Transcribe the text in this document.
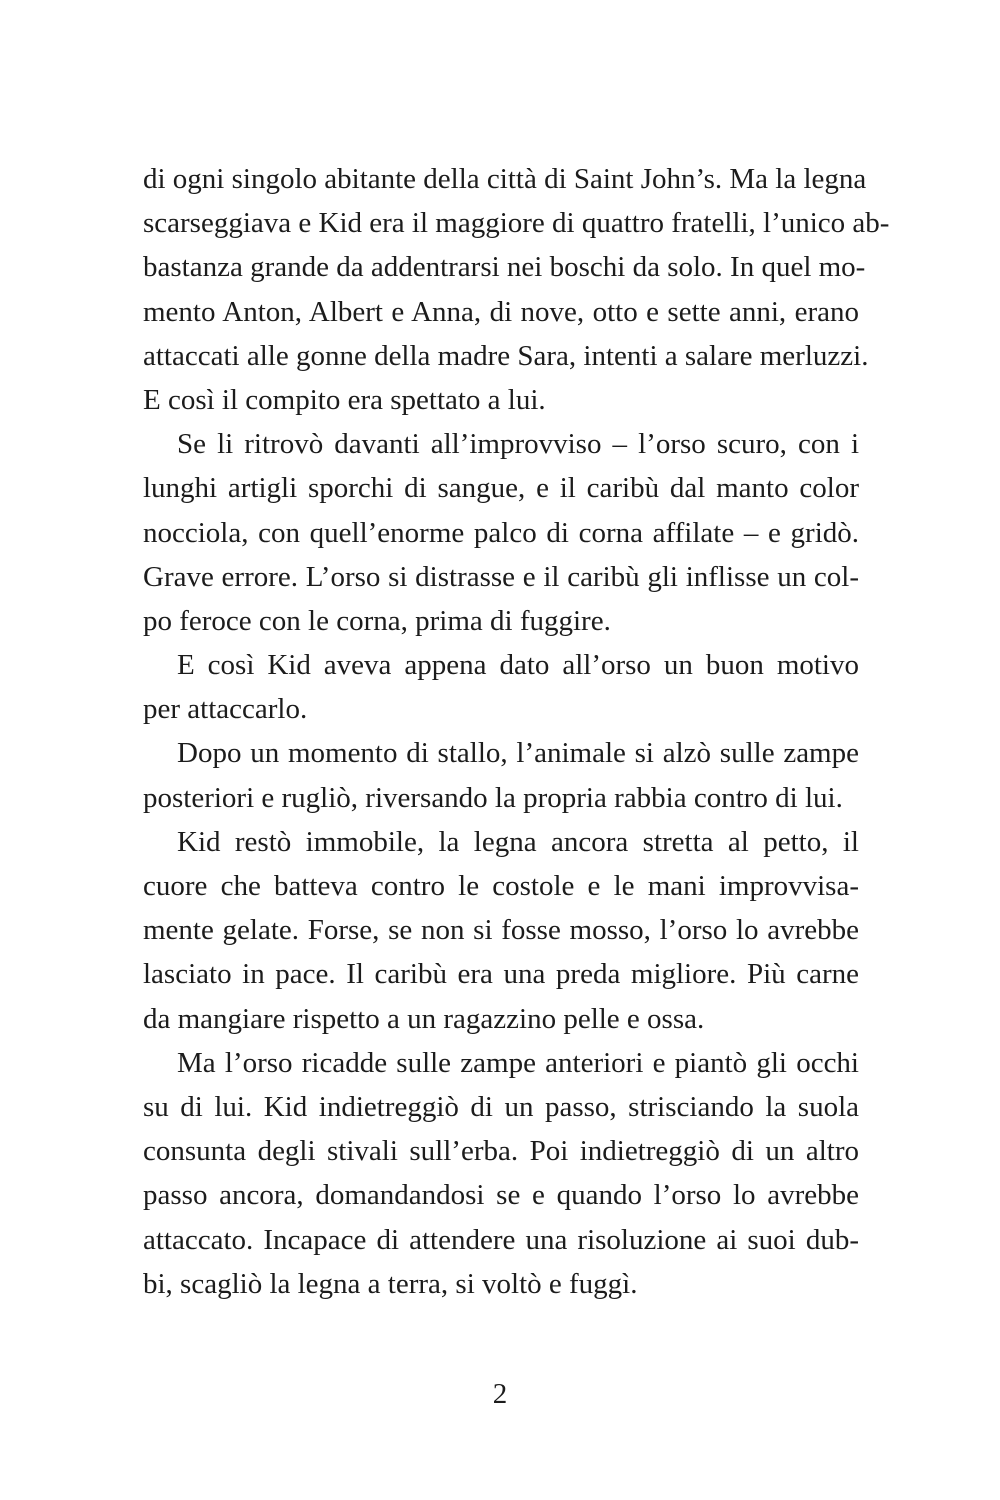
di ogni singolo abitante della città di Saint John’s. Ma la legna
scarseggiava e Kid era il maggiore di quattro fratelli, l’unico ab-
bastanza grande da addentrarsi nei boschi da solo. In quel mo-
mento Anton, Albert e Anna, di nove, otto e sette anni, erano
attaccati alle gonne della madre Sara, intenti a salare merluzzi.
E così il compito era spettato a lui.
Se li ritrovò davanti all’improvviso – l’orso scuro, con i
lunghi artigli sporchi di sangue, e il caribù dal manto color
nocciola, con quell’enorme palco di corna affilate – e gridò.
Grave errore. L’orso si distrasse e il caribù gli inflisse un col-
po feroce con le corna, prima di fuggire.
E così Kid aveva appena dato all’orso un buon motivo
per attaccarlo.
Dopo un momento di stallo, l’animale si alzò sulle zampe
posteriori e rugliò, riversando la propria rabbia contro di lui.
Kid restò immobile, la legna ancora stretta al petto, il
cuore che batteva contro le costole e le mani improvvisa-
mente gelate. Forse, se non si fosse mosso, l’orso lo avrebbe
lasciato in pace. Il caribù era una preda migliore. Più carne
da mangiare rispetto a un ragazzino pelle e ossa.
Ma l’orso ricadde sulle zampe anteriori e piantò gli occhi
su di lui. Kid indietreggiò di un passo, strisciando la suola
consunta degli stivali sull’erba. Poi indietreggiò di un altro
passo ancora, domandandosi se e quando l’orso lo avrebbe
attaccato. Incapace di attendere una risoluzione ai suoi dub-
bi, scagliò la legna a terra, si voltò e fuggì.
2
